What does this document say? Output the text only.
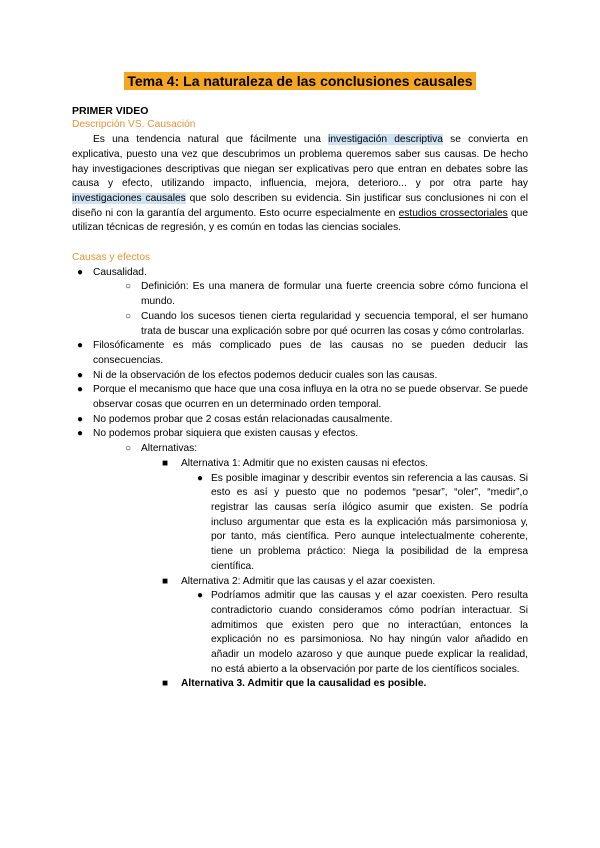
Tema 4: La naturaleza de las conclusiones causales
PRIMER VIDEO
Descripción VS. Causación

Es una tendencia natural que fácilmente una investigación descriptiva se convierta en explicativa, puesto una vez que descubrimos un problema queremos saber sus causas. De hecho hay investigaciones descriptivas que niegan ser explicativas pero que entran en debates sobre las causa y efecto, utilizando impacto, influencia, mejora, deterioro... y por otra parte hay investigaciones causales que solo describen su evidencia. Sin justificar sus conclusiones ni con el diseño ni con la garantía del argumento. Esto ocurre especialmente en estudios crossectoriales que utilizan técnicas de regresión, y es común en todas las ciencias sociales.

Causas y efectos
● Causalidad.
○ Definición: Es una manera de formular una fuerte creencia sobre cómo funciona el mundo.
○ Cuando los sucesos tienen cierta regularidad y secuencia temporal, el ser humano trata de buscar una explicación sobre por qué ocurren las cosas y cómo controlarlas.
● Filosóficamente es más complicado pues de las causas no se pueden deducir las consecuencias.
● Ni de la observación de los efectos podemos deducir cuales son las causas.
● Porque el mecanismo que hace que una cosa influya en la otra no se puede observar. Se puede observar cosas que ocurren en un determinado orden temporal.
● No podemos probar que 2 cosas están relacionadas causalmente.
● No podemos probar siquiera que existen causas y efectos.
○ Alternativas:
■ Alternativa 1: Admitir que no existen causas ni efectos.
● Es posible imaginar y describir eventos sin referencia a las causas. Si esto es así y puesto que no podemos “pesar”, “oler”, “medir”,o registrar las causas sería ilógico asumir que existen. Se podría incluso argumentar que esta es la explicación más parsimoniosa y, por tanto, más científica. Pero aunque intelectualmente coherente, tiene un problema práctico: Niega la posibilidad de la empresa científica.
■ Alternativa 2: Admitir que las causas y el azar coexisten.
● Podríamos admitir que las causas y el azar coexisten. Pero resulta contradictorio cuando consideramos cómo podrían interactuar. Si admitimos que existen pero que no interactúan, entonces la explicación no es parsimoniosa. No hay ningún valor añadido en añadir un modelo azaroso y que aunque puede explicar la realidad, no está abierto a la observación por parte de los científicos sociales.
■ Alternativa 3. Admitir que la causalidad es posible.
